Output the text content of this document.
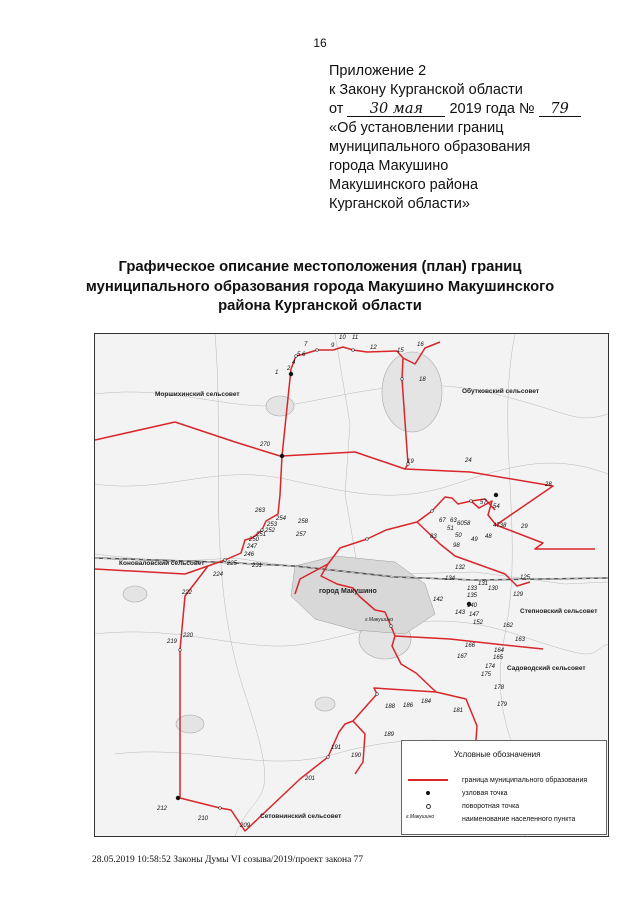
16
Приложение 2
к Закону Курганской области
от 30 мая 2019 года № 79
«Об установлении границ
муниципального образования
города Макушино
Макушинского района
Курганской области»
Графическое описание местоположения (план) границ
муниципального образования города Макушино Макушинского
района Курганской области
Моршихинский сельсовет	Обутковский сельсовет
Коноваловский сельсовет
Степновский сельсовет
Садоводский сельсовет
Сетовнинский сельсовет
город Макушино
г.Макушино
1
2
4
5 6
7	9
10 11
12	15
16
18
19	24
28
29
4738
48
49
50
51
54
57
6058
63
67
83
98
125
129
130
131
132
133
134
135
140
142
143 147
152	162
163
164
165
166
167
174
175
178
179
181
184
186
188
189
190
191
201
209
210
212
219
220
222
224
225 231
246
247
250
251
252
253
254
257
258
263
270
Условные обозначения
граница муниципального образования
узловая точка
поворотная точка
г.Макушино	наименование населенного пункта
28.05.2019 10:58:52 Законы Думы VI созыва/2019/проект закона 77
